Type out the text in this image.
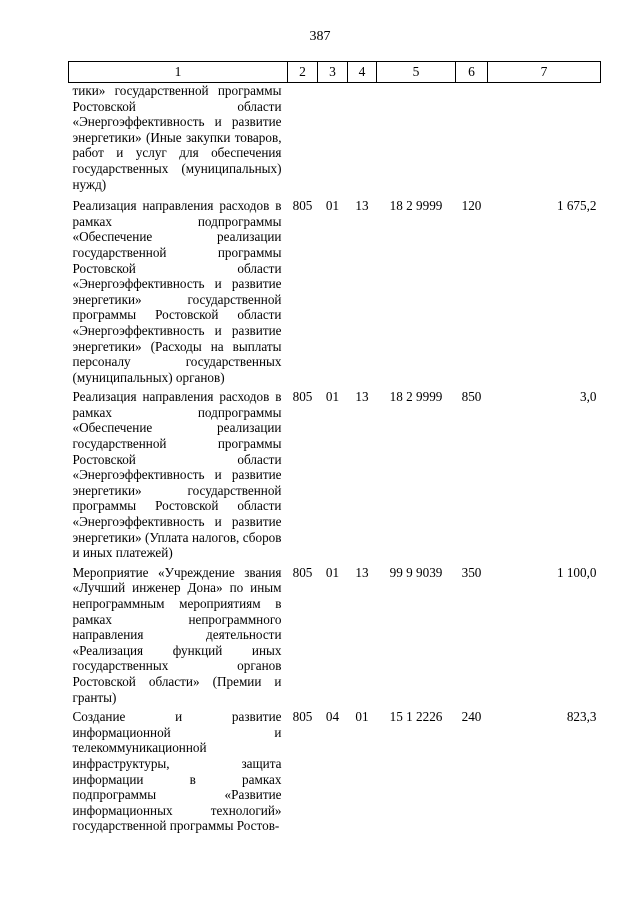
387
1	2	3	4	5	6	7
тики» государственной программы Ростовской области «Энергоэффективность и развитие энергетики» (Иные закупки товаров, работ и услуг для обеспечения государственных (муниципальных) нужд)						
Реализация направления расходов в рамках подпрограммы «Обеспечение реализации государственной программы Ростовской области «Энергоэффективность и развитие энергетики» государственной программы Ростовской области «Энергоэффективность и развитие энергетики» (Расходы на выплаты персоналу государственных (муниципальных) органов)	805	01	13	18 2 9999	120	1 675,2
Реализация направления расходов в рамках подпрограммы «Обеспечение реализации государственной программы Ростовской области «Энергоэффективность и развитие энергетики» государственной программы Ростовской области «Энергоэффективность и развитие энергетики» (Уплата налогов, сборов и иных платежей)	805	01	13	18 2 9999	850	3,0
Мероприятие «Учреждение звания «Лучший инженер Дона» по иным непрограммным мероприятиям в рамках непрограммного направления деятельности «Реализация функций иных государственных органов Ростовской области» (Премии и гранты)	805	01	13	99 9 9039	350	1 100,0
Создание и развитие информационной и телекоммуникационной инфраструктуры, защита информации в рамках подпрограммы «Развитие информационных технологий» государственной программы Ростов-	805	04	01	15 1 2226	240	823,3
